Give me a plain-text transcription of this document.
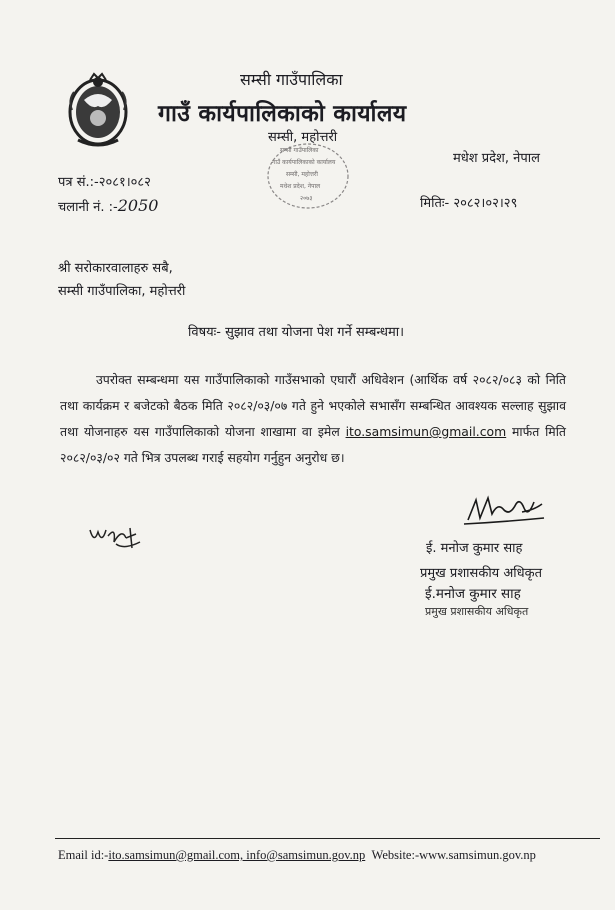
सम्सी गाउँपालिका
गाउँ कार्यपालिकाको कार्यालय
सम्सी, महोत्तरी
मधेश प्रदेश, नेपाल
सम्सी गाउँपालिका
गाउँ कार्यपालिकाको कार्यालय
सम्सी, महोत्तरी
मधेश प्रदेश, नेपाल
२०७३
पत्र सं.:-२०८१।०८२
चलानी नं. :-2050	मितिः- २०८२।०२।२९
श्री सरोकारवालाहरु सबै,
सम्सी गाउँपालिका, महोत्तरी
विषयः- सुझाव तथा योजना पेश गर्ने सम्बन्धमा।
उपरोक्त सम्बन्धमा यस गाउँपालिकाको गाउँसभाको एघारौं अधिवेशन (आर्थिक वर्ष २०८२/०८३ को निति तथा कार्यक्रम र बजेटको बैठक मिति २०८२/०३/०७ गते हुने भएकोले सभासँग सम्बन्धित आवश्यक सल्लाह सुझाव तथा योजनाहरु यस गाउँपालिकाको योजना शाखामा वा इमेल ito.samsimun@gmail.com मार्फत मिति २०८२/०३/०२ गते भित्र उपलब्ध गराई सहयोग गर्नुहुन अनुरोध छ।
ई. मनोज कुमार साह
प्रमुख प्रशासकीय अधिकृत
ई.मनोज कुमार साह
प्रमुख प्रशासकीय अधिकृत
Email id:-ito.samsimun@gmail.com, info@samsimun.gov.np Website:-www.samsimun.gov.np
